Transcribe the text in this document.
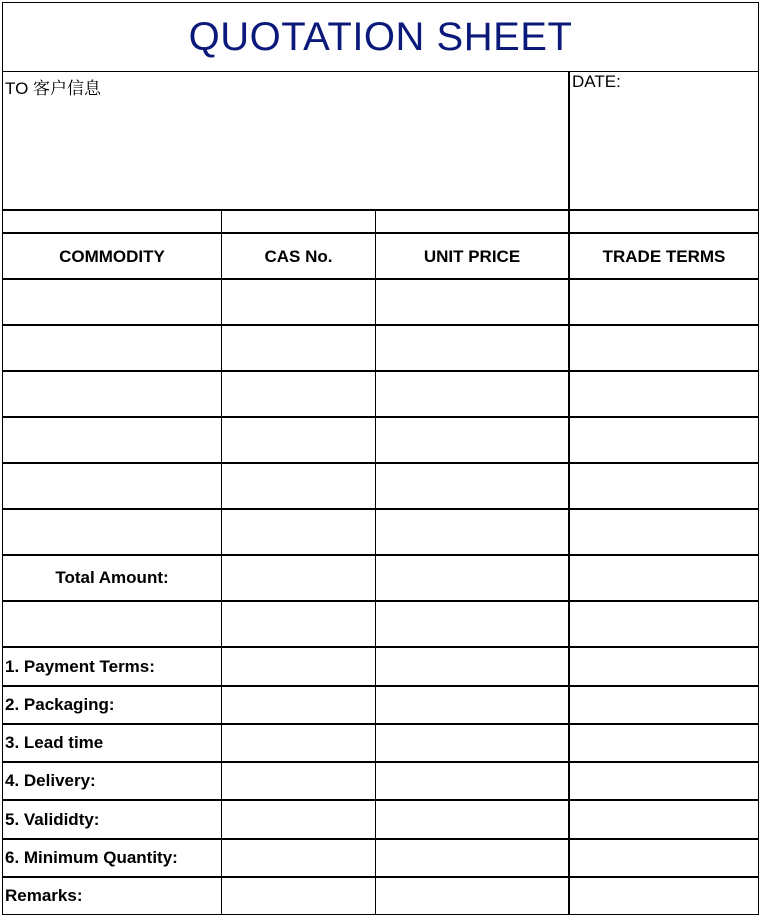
QUOTATION SHEET
TO 客户信息	DATE:
COMMODITY	CAS No.	UNIT PRICE	TRADE TERMS
Total Amount:
1. Payment Terms:
2. Packaging:
3. Lead time
4. Delivery:
5. Valididty:
6. Minimum Quantity:
Remarks:
